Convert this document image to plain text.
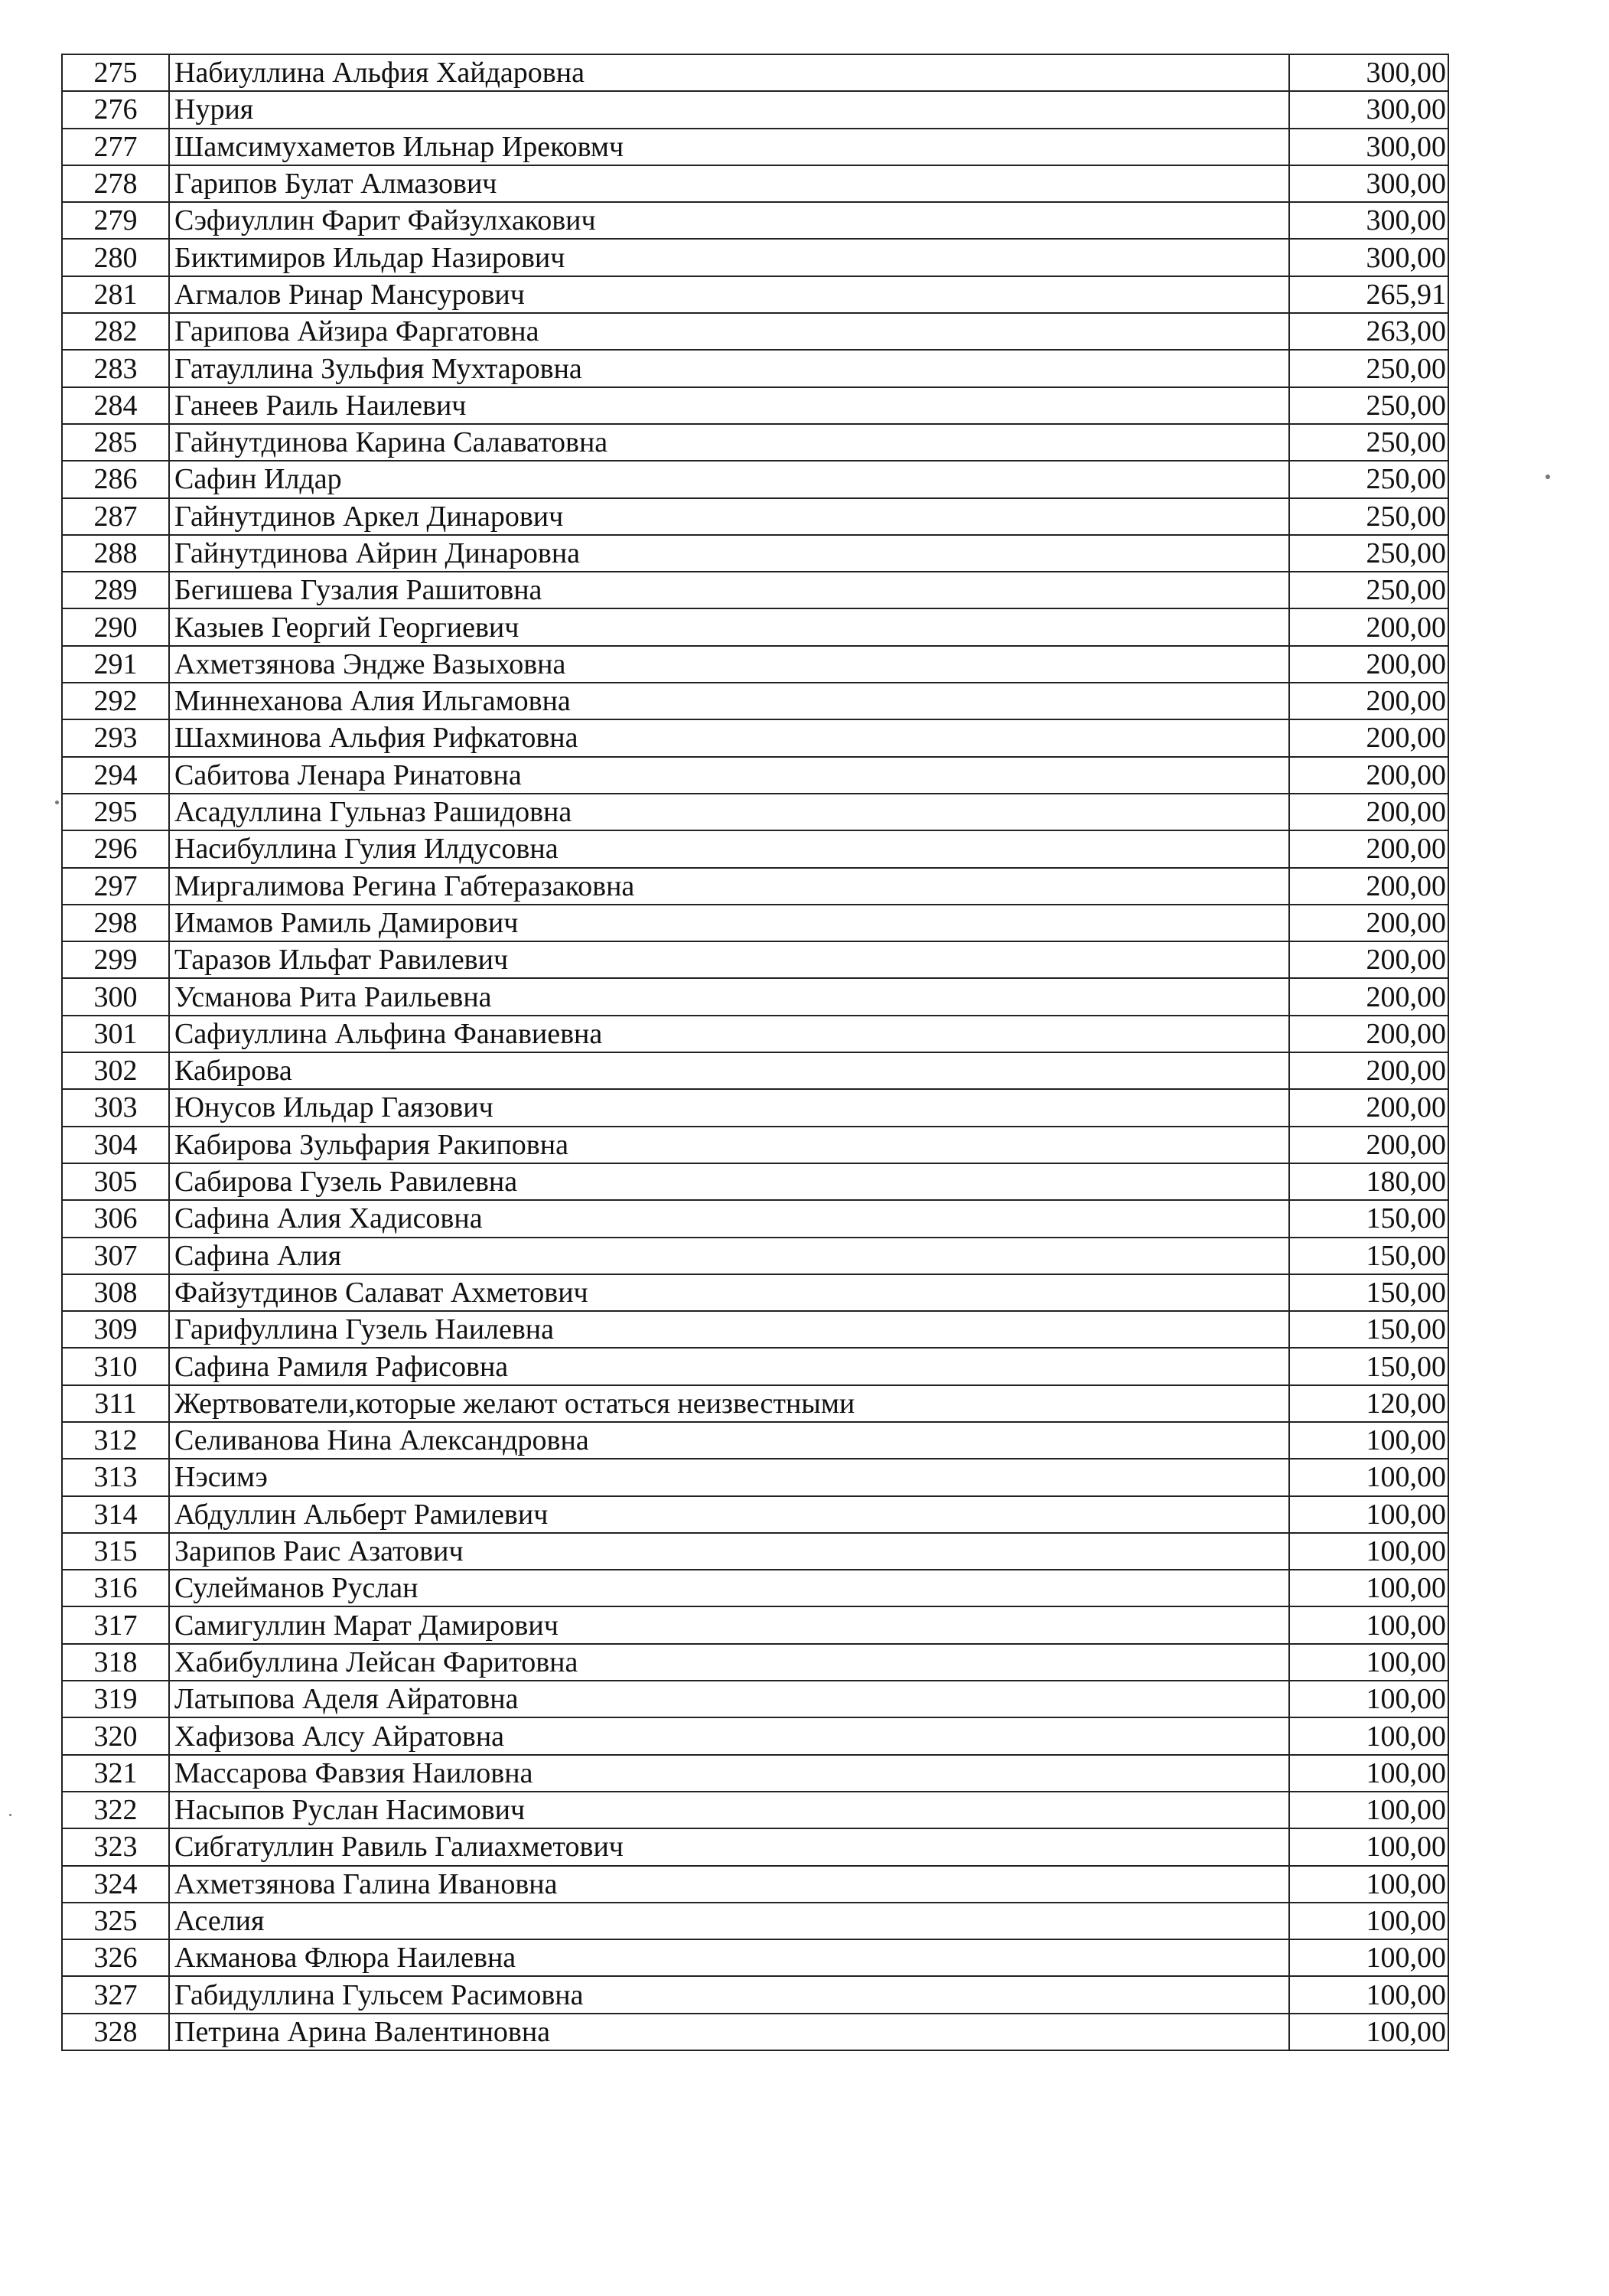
275	Набиуллина Альфия Хайдаровна	300,00
276	Нурия	300,00
277	Шамсимухаметов Ильнар Ирековмч	300,00
278	Гарипов Булат Алмазович	300,00
279	Сэфиуллин Фарит Файзулхакович	300,00
280	Биктимиров Ильдар Назирович	300,00
281	Агмалов Ринар Мансурович	265,91
282	Гарипова Айзира Фаргатовна	263,00
283	Гатауллина Зульфия Мухтаровна	250,00
284	Ганеев Раиль Наилевич	250,00
285	Гайнутдинова Карина Салаватовна	250,00
286	Сафин Илдар	250,00
287	Гайнутдинов Аркел Динарович	250,00
288	Гайнутдинова Айрин Динаровна	250,00
289	Бегишева Гузалия Рашитовна	250,00
290	Казыев Георгий Георгиевич	200,00
291	Ахметзянова Эндже Вазыховна	200,00
292	Миннеханова Алия Ильгамовна	200,00
293	Шахминова Альфия Рифкатовна	200,00
294	Сабитова Ленара Ринатовна	200,00
295	Асадуллина Гульназ Рашидовна	200,00
296	Насибуллина Гулия Илдусовна	200,00
297	Миргалимова Регина Габтеразаковна	200,00
298	Имамов Рамиль Дамирович	200,00
299	Таразов Ильфат Равилевич	200,00
300	Усманова Рита Раильевна	200,00
301	Сафиуллина Альфина Фанавиевна	200,00
302	Кабирова	200,00
303	Юнусов Ильдар Гаязович	200,00
304	Кабирова Зульфария Ракиповна	200,00
305	Сабирова Гузель Равилевна	180,00
306	Сафина Алия Хадисовна	150,00
307	Сафина Алия	150,00
308	Файзутдинов Салават Ахметович	150,00
309	Гарифуллина Гузель Наилевна	150,00
310	Сафина Рамиля Рафисовна	150,00
311	Жертвователи,которые желают остаться неизвестными	120,00
312	Селиванова Нина Александровна	100,00
313	Нэсимэ	100,00
314	Абдуллин Альберт Рамилевич	100,00
315	Зарипов Раис Азатович	100,00
316	Сулейманов Руслан	100,00
317	Самигуллин Марат Дамирович	100,00
318	Хабибуллина Лейсан Фаритовна	100,00
319	Латыпова Аделя Айратовна	100,00
320	Хафизова Алсу Айратовна	100,00
321	Массарова Фавзия Наиловна	100,00
322	Насыпов Руслан Насимович	100,00
323	Сибгатуллин Равиль Галиахметович	100,00
324	Ахметзянова Галина Ивановна	100,00
325	Аселия	100,00
326	Акманова Флюра Наилевна	100,00
327	Габидуллина Гульсем Расимовна	100,00
328	Петрина Арина Валентиновна	100,00
